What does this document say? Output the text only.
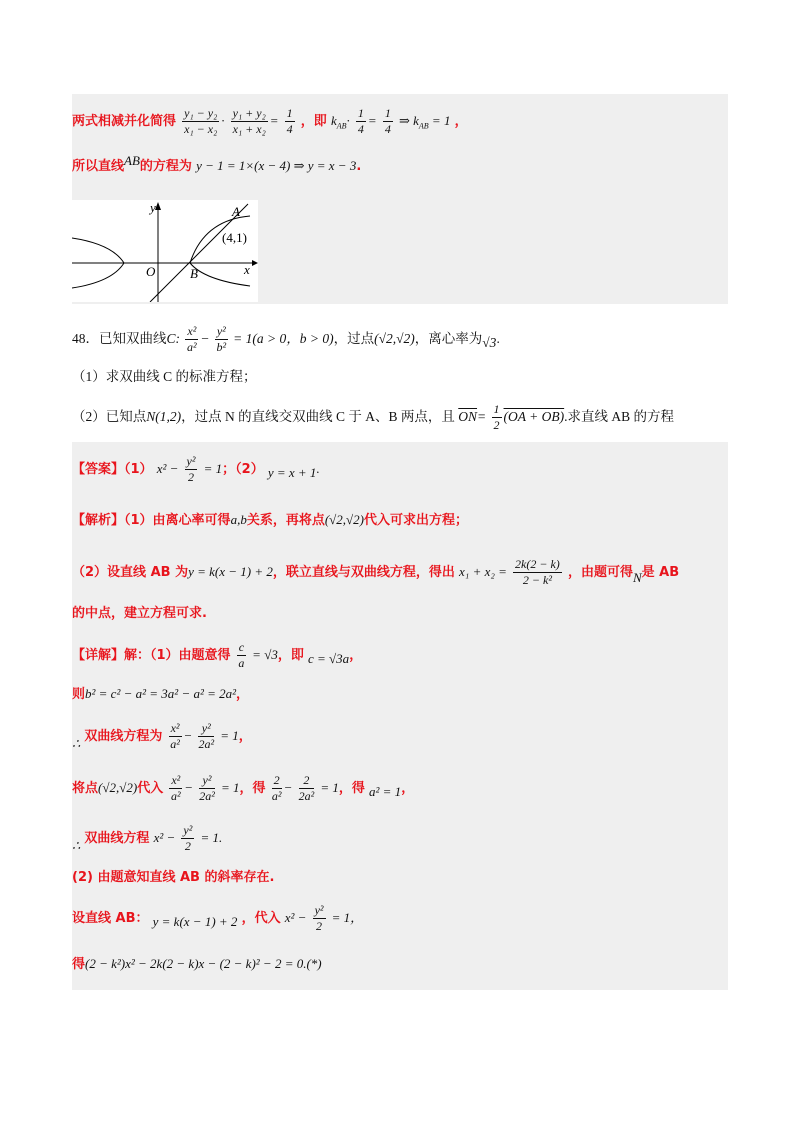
两式相减并化简得 $\frac{\text{y₁ − y₂}}{\text{x₁ − x₂}} \cdot \frac{\text{y₁ + y₂}}{\text{x₁ + x₂}} = \frac{1}{4}$ ，即 $k_{AB}\cdot \frac{1}{4} = \frac{1}{4}$ ⇒ $k_{AB} = 1$ ，
所以直线AB的方程为 y − 1 = 1×(x − 4) ⇒ y = x − 3.
y
x
O
A
B
(4,1)
48．已知双曲线C: $\frac{\text{x²}}{\text{a²}} - \frac{\text{y²}}{\text{b²}} = 1(a > 0$，b > 0)，过点(√2,√2)，离心率为√3.
（1）求双曲线 C 的标准方程；
（2）已知点N(1,2)，过点 N 的直线交双曲线 C 于 A、B 两点，且 $\overline{ON}= \frac{1}{2} (OA + OB)$.求直线 AB 的方程
【答案】（1） $x^2 - \frac{\text{y²}}{2} = 1$；（2） y = x + 1.
【解析】（1）由离心率可得a,b关系，再将点(√2,√2)代入可求出方程；
（2）设直线 AB 为y = k(x − 1) + 2，联立直线与双曲线方程，得出 $x_1 + x_2 = \frac{2k(2 - k)}{\text{2 − k²}}$ ，由题可得N是 AB
的中点，建立方程可求.
【详解】解：（1）由题意得 $\frac{c}{a} = √3$，即 c = √3a，
则b² = c² − a² = 3a² − a² = 2a²，
∴ 双曲线方程为 $\frac{\text{x²}}{\text{a²}} - \frac{\text{y²}}{\text{2a²}} = 1$，
将点(√2,√2)代入 $\frac{\text{x²}}{\text{a²}} - \frac{\text{y²}}{\text{2a²}} = 1$，得 $\frac{2}{\text{a²}} - \frac{2}{\text{2a²}} = 1$，得 a² = 1，
∴ 双曲线方程 $x^2 - \frac{\text{y²}}{2} = 1$.
(2) 由题意知直线 AB 的斜率存在.
设直线 AB： y = k(x − 1) + 2 ，代入 $x^2 - \frac{\text{y²}}{2} = 1$，
得(2 − k²)x² − 2k(2 − k)x − (2 − k)² − 2 = 0.(*)
